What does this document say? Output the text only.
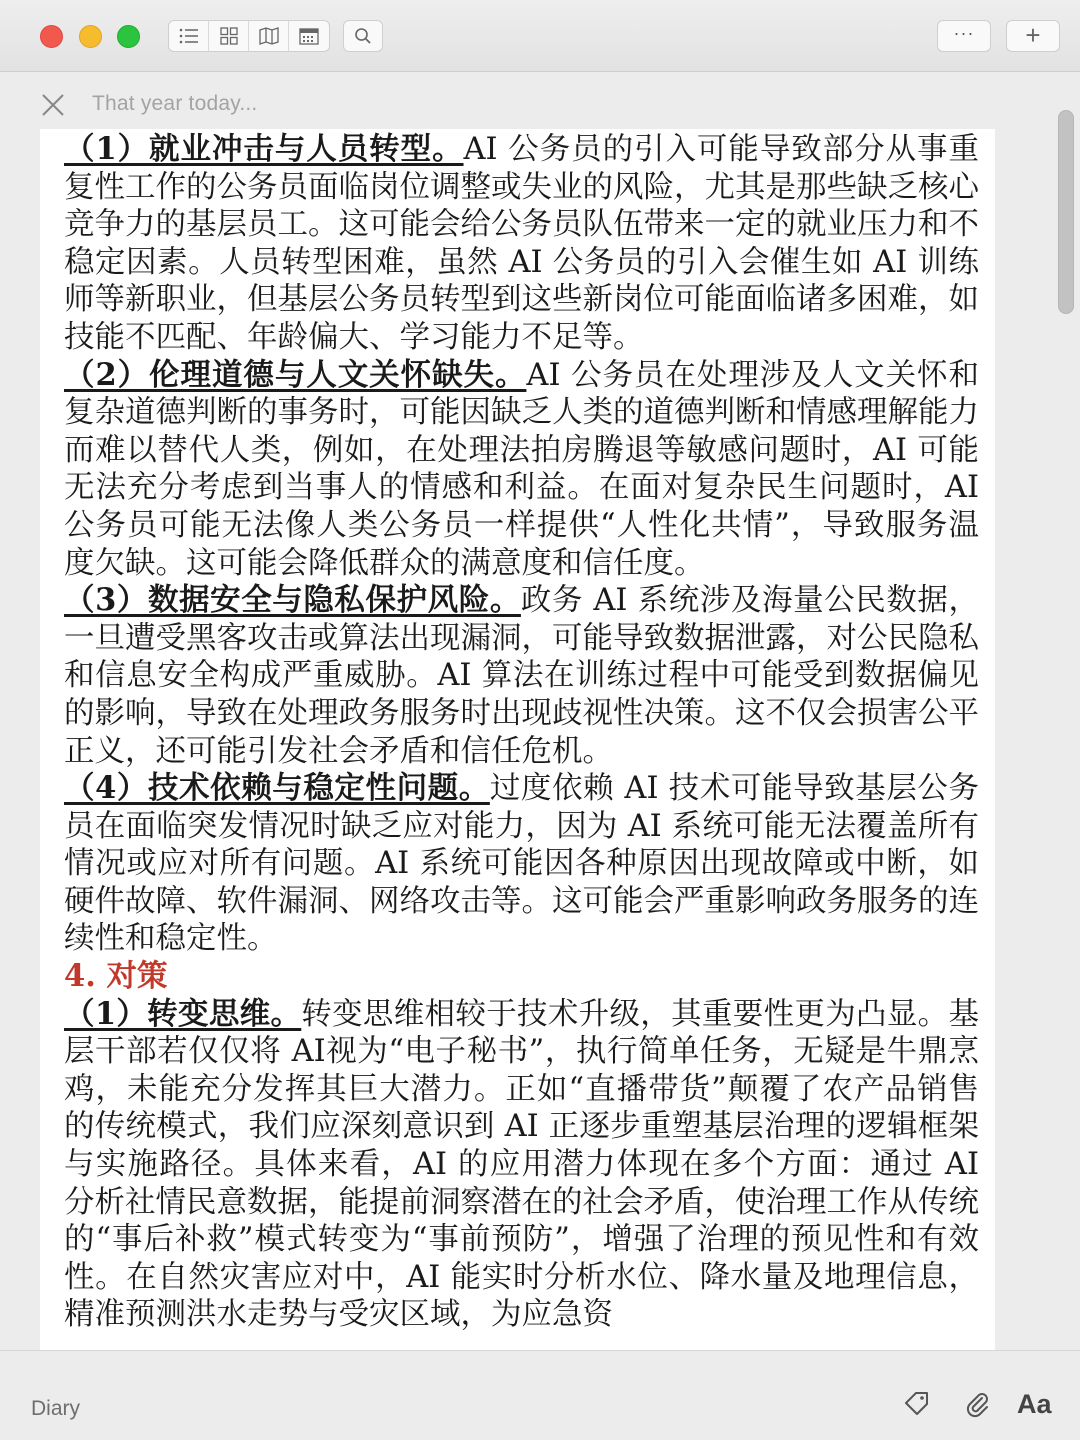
··· +
That year today...

（1）就业冲击与人员转型。AI 公务员的引入可能导致部分从事重复性工作的公务员面临岗位调整或失业的风险，尤其是那些缺乏核心竞争力的基层员工。这可能会给公务员队伍带来一定的就业压力和不稳定因素。人员转型困难，虽然 AI 公务员的引入会催生如 AI 训练师等新职业，但基层公务员转型到这些新岗位可能面临诸多困难，如技能不匹配、年龄偏大、学习能力不足等。

（2）伦理道德与人文关怀缺失。AI 公务员在处理涉及人文关怀和复杂道德判断的事务时，可能因缺乏人类的道德判断和情感理解能力而难以替代人类，例如，在处理法拍房腾退等敏感问题时，AI 可能无法充分考虑到当事人的情感和利益。在面对复杂民生问题时，AI公务员可能无法像人类公务员一样提供“人性化共情”，导致服务温度欠缺。这可能会降低群众的满意度和信任度。

（3）数据安全与隐私保护风险。政务 AI 系统涉及海量公民数据，一旦遭受黑客攻击或算法出现漏洞，可能导致数据泄露，对公民隐私和信息安全构成严重威胁。AI 算法在训练过程中可能受到数据偏见的影响，导致在处理政务服务时出现歧视性决策。这不仅会损害公平正义，还可能引发社会矛盾和信任危机。

（4）技术依赖与稳定性问题。过度依赖 AI 技术可能导致基层公务员在面临突发情况时缺乏应对能力，因为 AI 系统可能无法覆盖所有情况或应对所有问题。AI 系统可能因各种原因出现故障或中断，如硬件故障、软件漏洞、网络攻击等。这可能会严重影响政务服务的连续性和稳定性。

4. 对策

（1）转变思维。转变思维相较于技术升级，其重要性更为凸显。基层干部若仅仅将 AI视为“电子秘书”，执行简单任务，无疑是牛鼎烹鸡，未能充分发挥其巨大潜力。正如“直播带货”颠覆了农产品销售的传统模式，我们应深刻意识到 AI 正逐步重塑基层治理的逻辑框架与实施路径。具体来看，AI 的应用潜力体现在多个方面：通过 AI 分析社情民意数据，能提前洞察潜在的社会矛盾，使治理工作从传统的“事后补救”模式转变为“事前预防”，增强了治理的预见性和有效性。在自然灾害应对中，AI 能实时分析水位、降水量及地理信息，精准预测洪水走势与受灾区域，为应急资

Diary	Aa
